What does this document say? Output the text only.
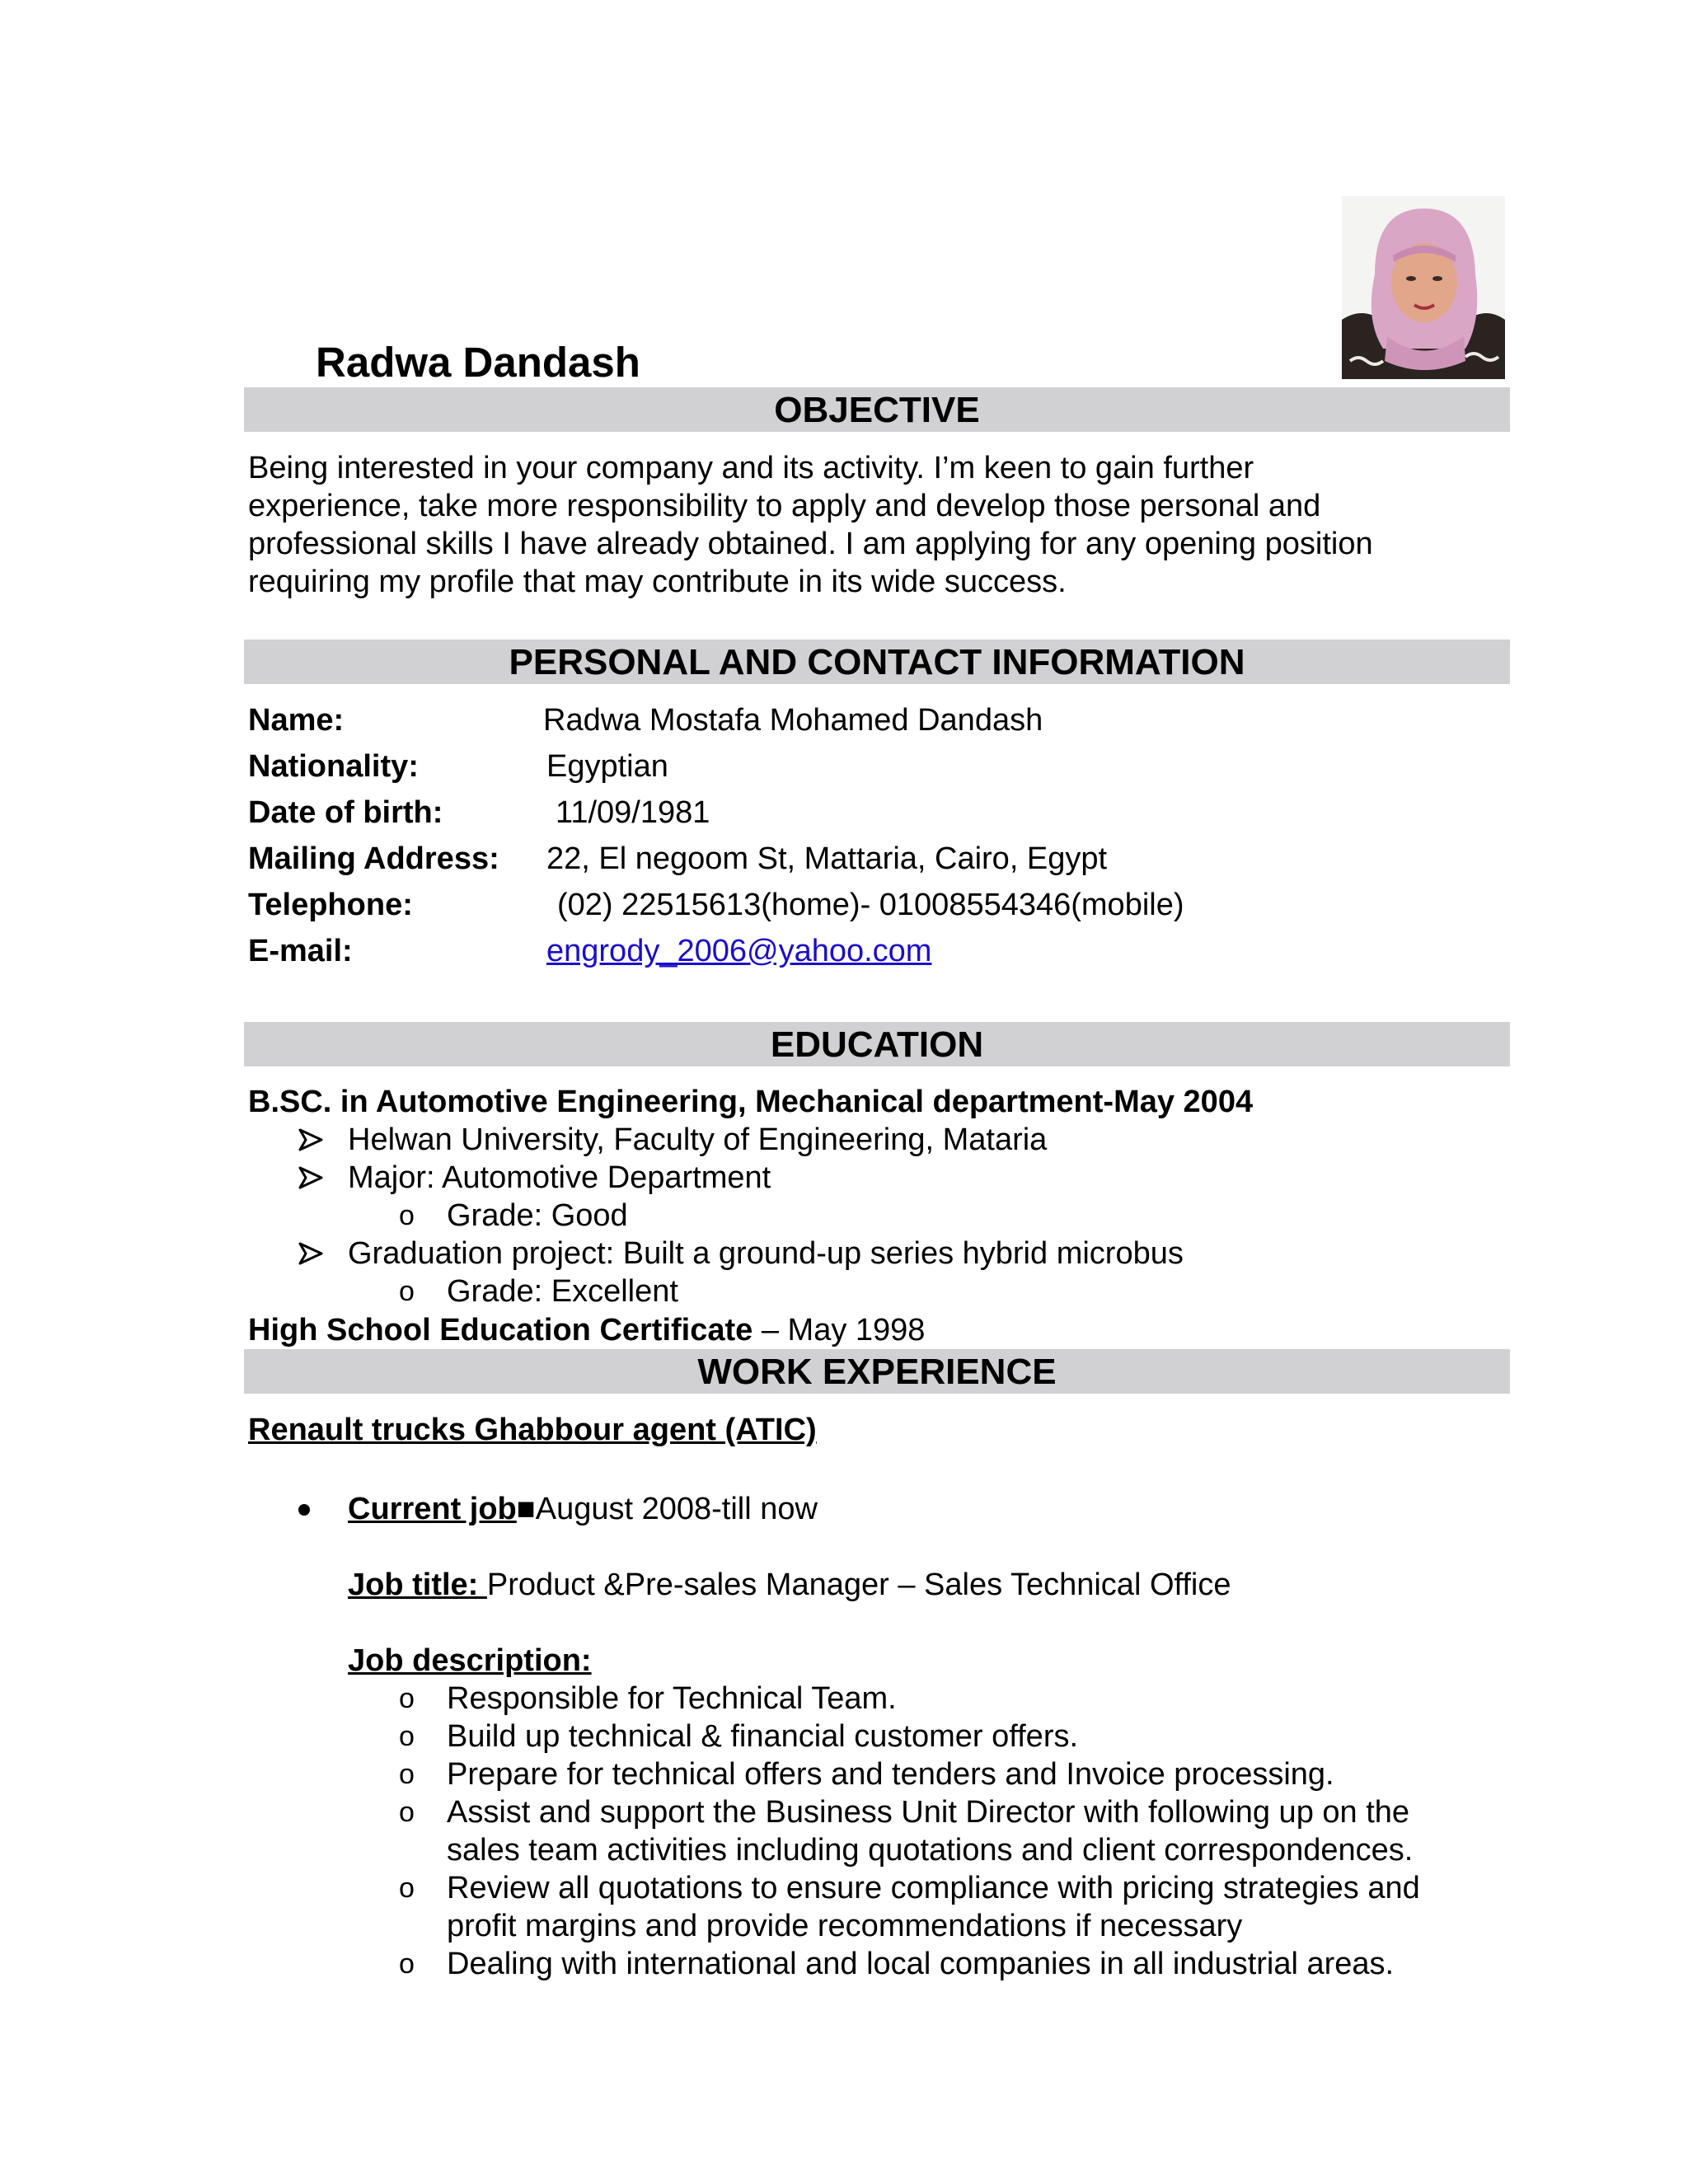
Radwa Dandash
OBJECTIVE

Being interested in your company and its activity. I’m keen to gain further

experience, take more responsibility to apply and develop those personal and

professional skills I have already obtained. I am applying for any opening position

requiring my profile that may contribute in its wide success.

PERSONAL AND CONTACT INFORMATION
Name:	Radwa Mostafa Mohamed Dandash
Nationality:	Egyptian
Date of birth:	11/09/1981
Mailing Address: 22, El negoom St, Mattaria, Cairo, Egypt
Telephone:	(02) 22515613(home)- 01008554346(mobile)
E-mail:	engrody_2006@yahoo.com
EDUCATION
B.SC. in Automotive Engineering, Mechanical department-May 2004
Helwan University, Faculty of Engineering, Mataria
Major: Automotive Department
o Grade: Good
Graduation project: Built a ground-up series hybrid microbus
o Grade: Excellent
High School Education Certificate – May 1998
WORK EXPERIENCE
Renault trucks Ghabbour agent (ATIC)
Current job■August 2008-till now
Job title: Product &Pre-sales Manager – Sales Technical Office
Job description:
o Responsible for Technical Team.
o Build up technical & financial customer offers.
o Prepare for technical offers and tenders and Invoice processing.
o Assist and support the Business Unit Director with following up on the
sales team activities including quotations and client correspondences.
o Review all quotations to ensure compliance with pricing strategies and
profit margins and provide recommendations if necessary
o Dealing with international and local companies in all industrial areas.
